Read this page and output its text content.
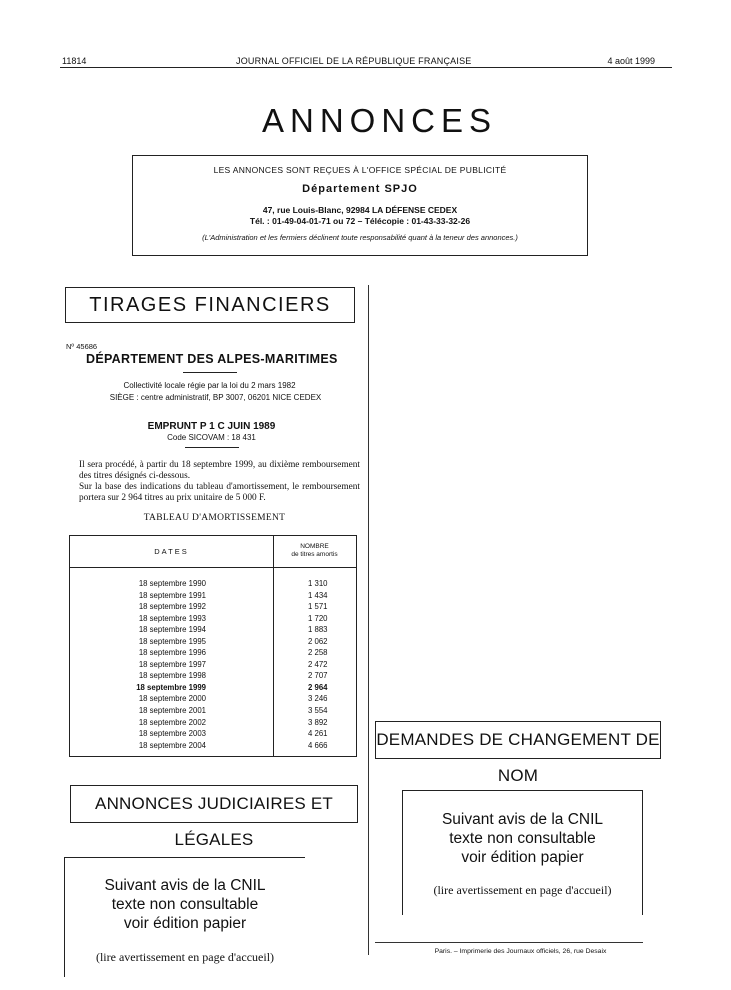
11814	JOURNAL OFFICIEL DE LA RÉPUBLIQUE FRANÇAISE	4 août 1999
ANNONCES
LES ANNONCES SONT REÇUES À L'OFFICE SPÉCIAL DE PUBLICITÉ
Département SPJO
47, rue Louis-Blanc, 92984 LA DÉFENSE CEDEX
Tél. : 01-49-04-01-71 ou 72 – Télécopie : 01-43-33-32-26
(L'Administration et les fermiers déclinent toute responsabilité quant à la teneur des annonces.)
TIRAGES FINANCIERS
Nº 45686
DÉPARTEMENT DES ALPES-MARITIMES
Collectivité locale régie par la loi du 2 mars 1982
SIÈGE : centre administratif, BP 3007, 06201 NICE CEDEX
EMPRUNT P 1 C JUIN 1989
Code SICOVAM : 18 431
Il sera procédé, à partir du 18 septembre 1999, au dixième remboursement des titres désignés ci-dessous.
Sur la base des indications du tableau d'amortissement, le remboursement portera sur 2 964 titres au prix unitaire de 5 000 F.
TABLEAU D'AMORTISSEMENT
DATES
NOMBRE
de titres amortis
18 septembre 1990	1 310
18 septembre 1991	1 434
18 septembre 1992	1 571
18 septembre 1993	1 720
18 septembre 1994	1 883
18 septembre 1995	2 062
18 septembre 1996	2 258
18 septembre 1997	2 472
18 septembre 1998	2 707
18 septembre 1999	2 964
18 septembre 2000	3 246
18 septembre 2001	3 554
18 septembre 2002	3 892
18 septembre 2003	4 261
18 septembre 2004	4 666
ANNONCES JUDICIAIRES ET LÉGALES
Suivant avis de la CNIL
texte non consultable
voir édition papier
(lire avertissement en page d'accueil)
DEMANDES DE CHANGEMENT DE NOM
Suivant avis de la CNIL
texte non consultable
voir édition papier
(lire avertissement en page d'accueil)
Paris. – Imprimerie des Journaux officiels, 26, rue Desaix
